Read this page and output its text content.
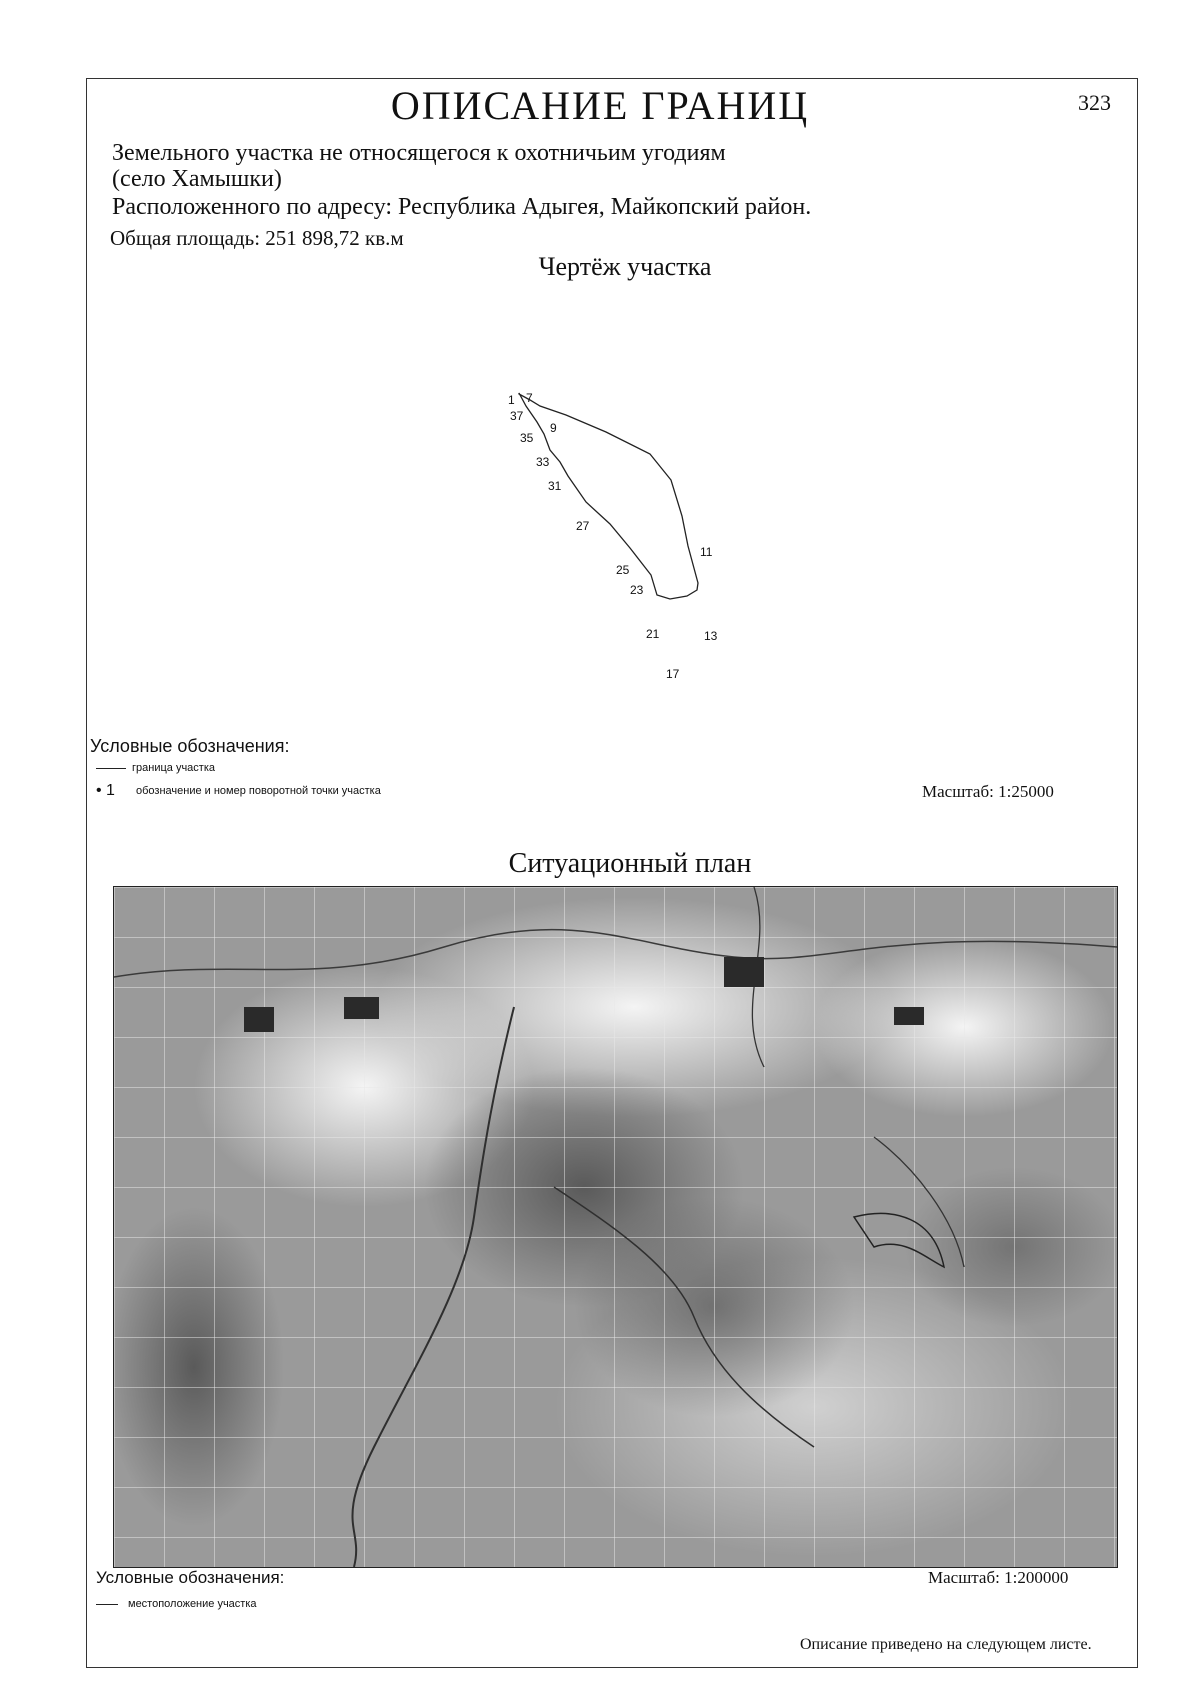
ОПИСАНИЕ ГРАНИЦ	323
Земельного участка не относящегося к охотничьим угодиям
(село Хамышки)
Расположенного по адресу: Республика Адыгея, Майкопский район.
Общая площадь: 251 898,72 кв.м
Чертёж участка
1 7
37
9
35
33
31
27
11
25
23
21	13
17
Условные обозначения:
граница участка
• 1	обозначение и номер поворотной точки участка	Масштаб: 1:25000
Ситуационный план
Условные обозначения:
местоположение участка
Масштаб: 1:200000
Описание приведено на следующем листе.
